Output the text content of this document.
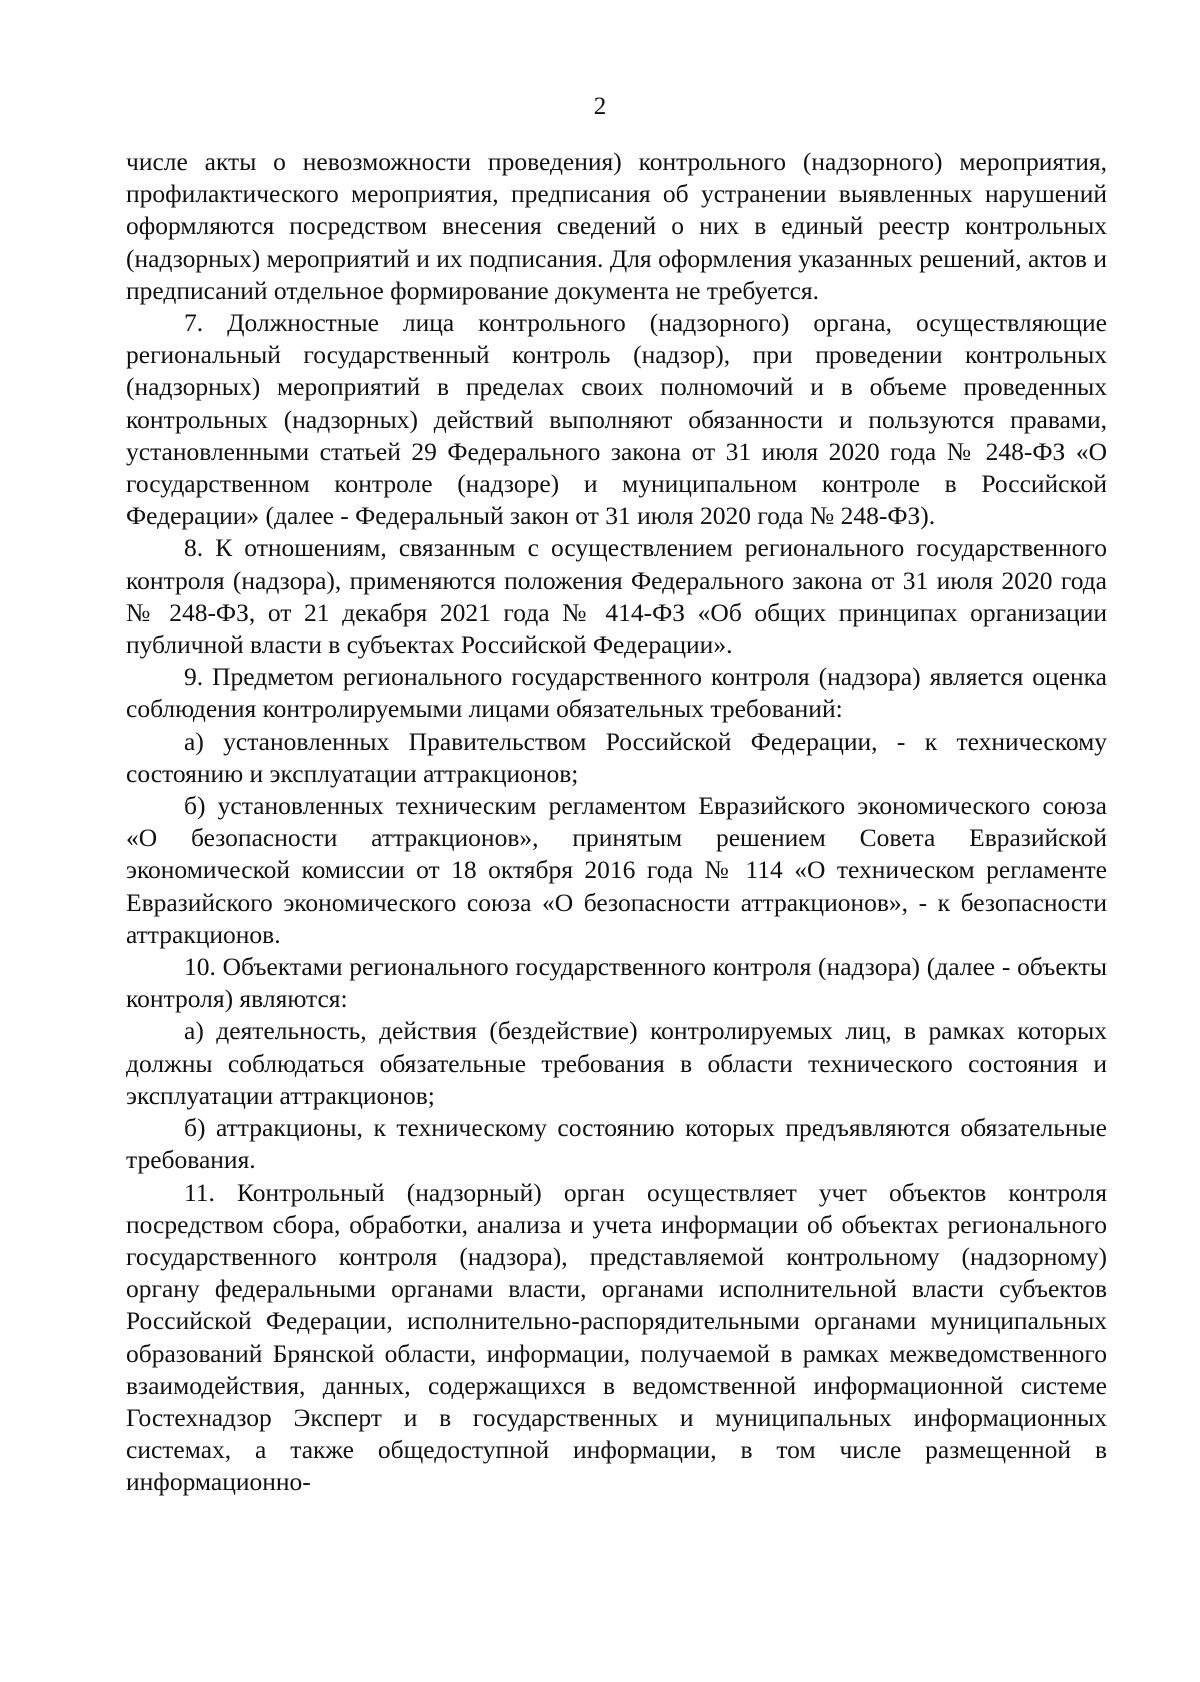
2

числе акты о невозможности проведения) контрольного (надзорного) мероприятия, профилактического мероприятия, предписания об устранении выявленных нарушений оформляются посредством внесения сведений о них в единый реестр контрольных (надзорных) мероприятий и их подписания. Для оформления указанных решений, актов и предписаний отдельное формирование документа не требуется.

7. Должностные лица контрольного (надзорного) органа, осуществляющие региональный государственный контроль (надзор), при проведении контрольных (надзорных) мероприятий в пределах своих полномочий и в объеме проведенных контрольных (надзорных) действий выполняют обязанности и пользуются правами, установленными статьей 29 Федерального закона от 31 июля 2020 года № 248-ФЗ «О государственном контроле (надзоре) и муниципальном контроле в Российской Федерации» (далее - Федеральный закон от 31 июля 2020 года № 248-ФЗ).

8. К отношениям, связанным с осуществлением регионального государственного контроля (надзора), применяются положения Федерального закона от 31 июля 2020 года № 248-ФЗ, от 21 декабря 2021 года № 414-ФЗ «Об общих принципах организации публичной власти в субъектах Российской Федерации».

9. Предметом регионального государственного контроля (надзора) является оценка соблюдения контролируемыми лицами обязательных требований:

а) установленных Правительством Российской Федерации, - к техническому состоянию и эксплуатации аттракционов;

б) установленных техническим регламентом Евразийского экономического союза «О безопасности аттракционов», принятым решением Совета Евразийской экономической комиссии от 18 октября 2016 года № 114 «О техническом регламенте Евразийского экономического союза «О безопасности аттракционов», - к безопасности аттракционов.

10. Объектами регионального государственного контроля (надзора) (далее - объекты контроля) являются:

а) деятельность, действия (бездействие) контролируемых лиц, в рамках которых должны соблюдаться обязательные требования в области технического состояния и эксплуатации аттракционов;

б) аттракционы, к техническому состоянию которых предъявляются обязательные требования.

11. Контрольный (надзорный) орган осуществляет учет объектов контроля посредством сбора, обработки, анализа и учета информации об объектах регионального государственного контроля (надзора), представляемой контрольному (надзорному) органу федеральными органами власти, органами исполнительной власти субъектов Российской Федерации, исполнительно-распорядительными органами муниципальных образований Брянской области, информации, получаемой в рамках межведомственного взаимодействия, данных, содержащихся в ведомственной информационной системе Гостехнадзор Эксперт и в государственных и муниципальных информационных системах, а также общедоступной информации, в том числе размещенной в информационно-
